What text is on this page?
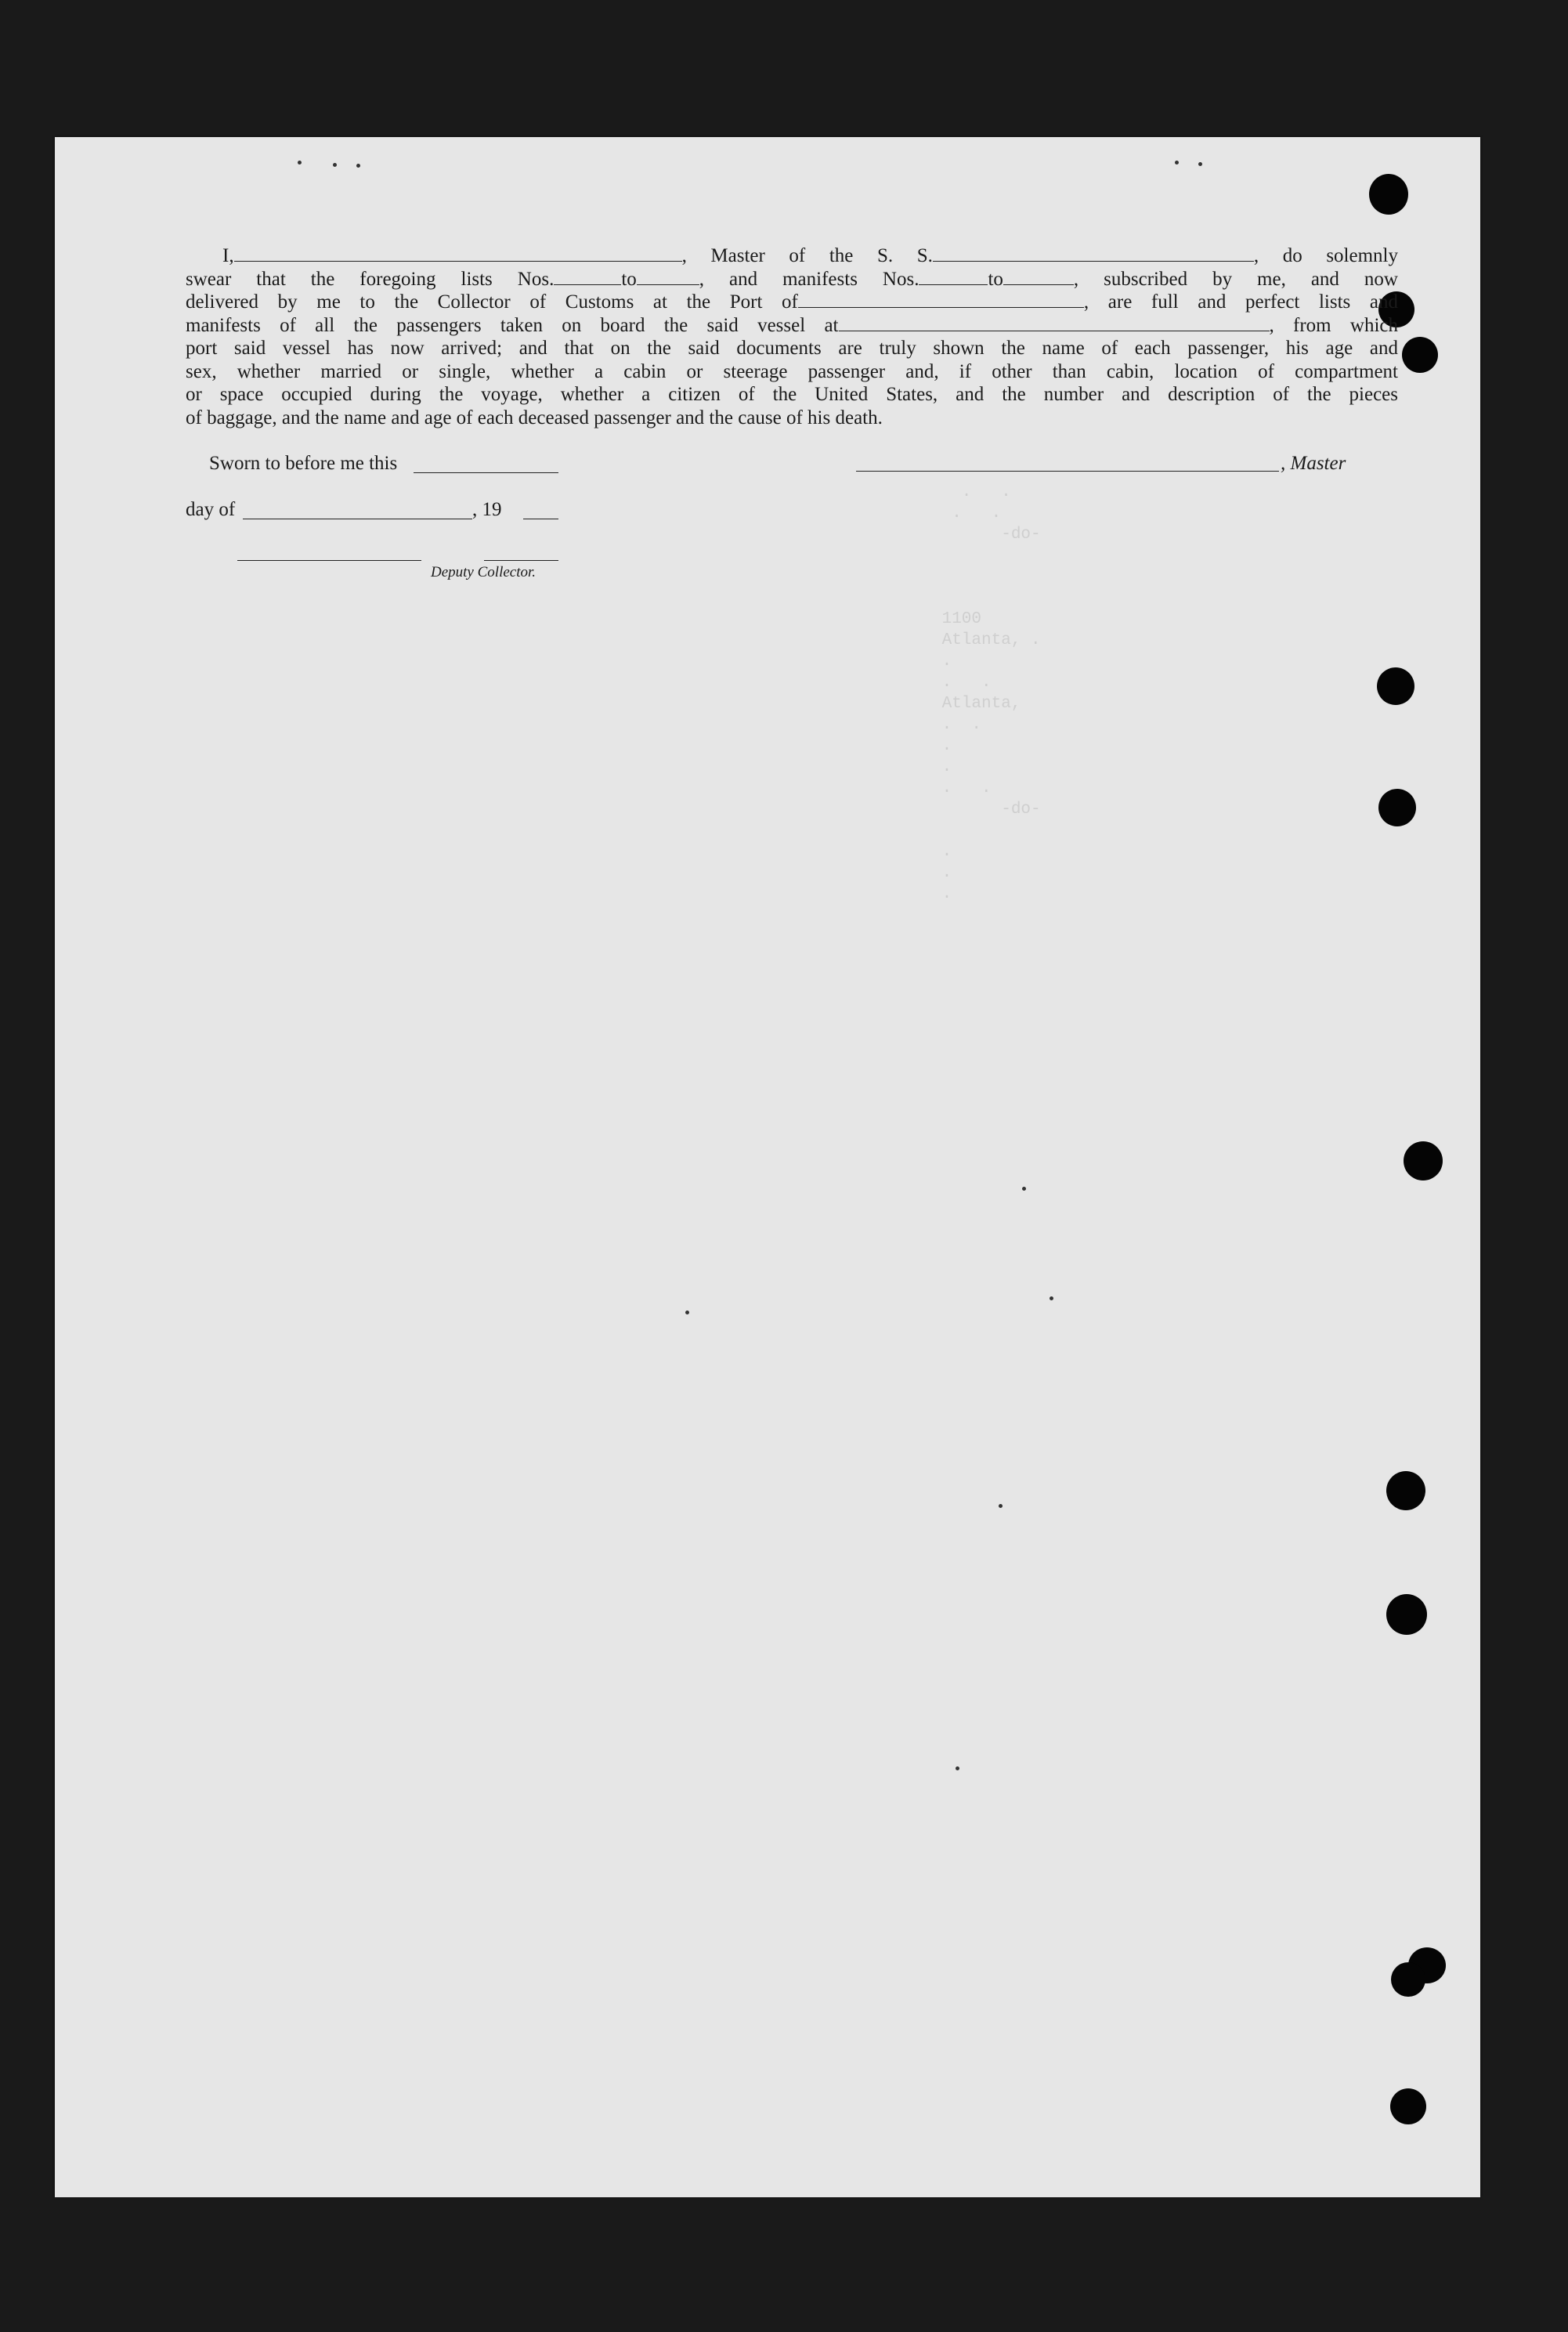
.   .
.   .
-do-

1100
Atlanta, .
.
.   .
Atlanta,
.  .
.
.
.   .
-do-

.
.
.

I,	, Master of the S. S.	, do solemnly

swear that the foregoing lists Nos.	to	, and manifests Nos.	to	, subscribed by me, and now

delivered by me to the Collector of Customs at the Port of	, are full and perfect lists and

manifests of all the passengers taken on board the said vessel at	, from which

port said vessel has now arrived; and that on the said documents are truly shown the name of each passenger, his age and

sex, whether married or single, whether a cabin or steerage passenger and, if other than cabin, location of compartment

or space occupied during the voyage, whether a citizen of the United States, and the number and description of the pieces

of baggage, and the name and age of each deceased passenger and the cause of his death.

Sworn to before me this
day of	, 19
Deputy Collector.
, Master
